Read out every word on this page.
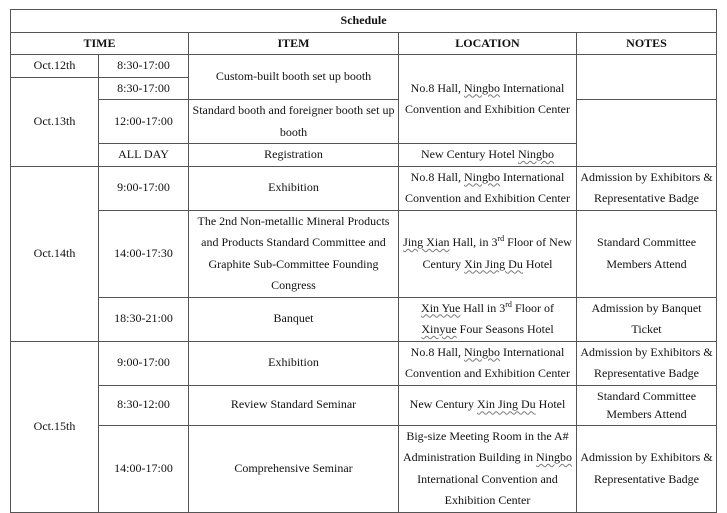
Schedule				
TIME		ITEM	LOCATION	NOTES
Oct.12th	8:30-17:00	Custom-built booth set up booth	No.8 Hall, Ningbo International Convention and Exhibition Center	
Oct.13th	8:30-17:00			
	12:00-17:00	Standard booth and foreigner booth set up booth		
	ALL DAY	Registration	New Century Hotel Ningbo	
Oct.14th	9:00-17:00	Exhibition	No.8 Hall, Ningbo International Convention and Exhibition Center	Admission by Exhibitors & Representative Badge
	14:00-17:30	The 2nd Non-metallic Mineral Products and Products Standard Committee and Graphite Sub-Committee Founding Congress	Jing Xian Hall, in 3rd Floor of New Century Xin Jing Du Hotel	Standard Committee Members Attend
	18:30-21:00	Banquet	Xin Yue Hall in 3rd Floor of Xinyue Four Seasons Hotel	Admission by Banquet Ticket
Oct.15th	9:00-17:00	Exhibition	No.8 Hall, Ningbo International Convention and Exhibition Center	Admission by Exhibitors & Representative Badge
	8:30-12:00	Review Standard Seminar	New Century Xin Jing Du Hotel	Standard Committee Members Attend
	14:00-17:00	Comprehensive Seminar	Big-size Meeting Room in the A# Administration Building in Ningbo International Convention and Exhibition Center	Admission by Exhibitors & Representative Badge
